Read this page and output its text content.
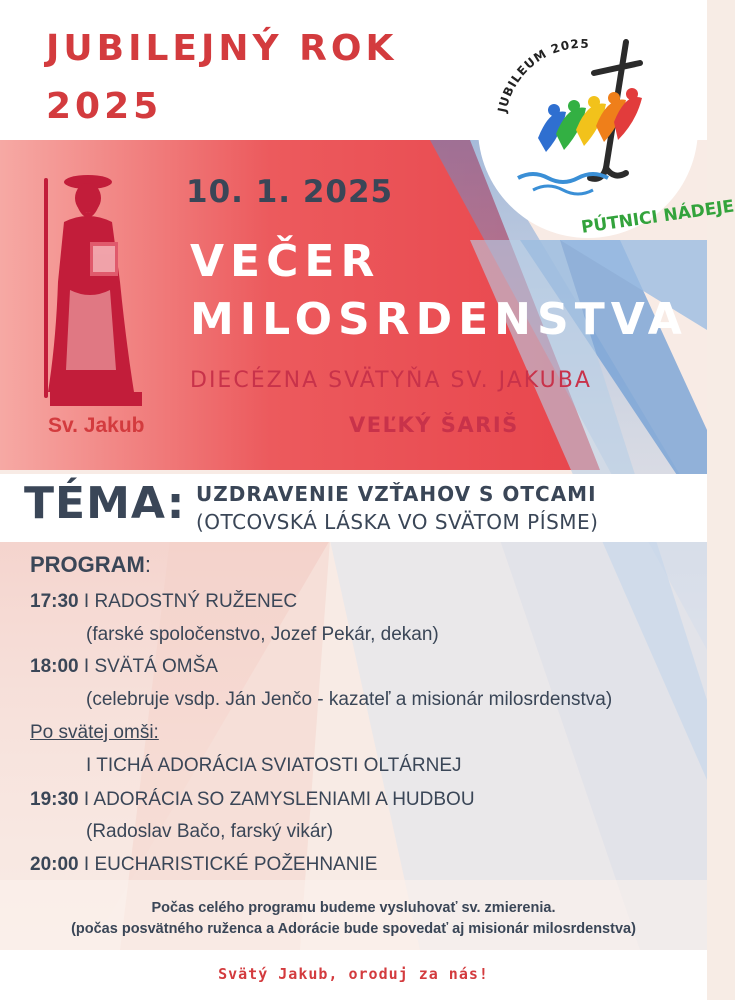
JUBILEJNÝ ROK
2025	JUBILEUM 2025
PÚTNICI NÁDEJE
Sv. Jakub
10. 1. 2025
VEČER
MILOSRDENSTVA
DIECÉZNA SVÄTYŇA SV. JAKUBA
VEĽKÝ ŠARIŠ
TÉMA: UZDRAVENIE VZŤAHOV S OTCAMI
(OTCOVSKÁ LÁSKA VO SVÄTOM PÍSME)
PROGRAM:
17:30 I RADOSTNÝ RUŽENEC
(farské spoločenstvo, Jozef Pekár, dekan)
18:00 I SVÄTÁ OMŠA
(celebruje vsdp. Ján Jenčo - kazateľ a misionár milosrdenstva)
Po svätej omši:
I TICHÁ ADORÁCIA SVIATOSTI OLTÁRNEJ
19:30 I ADORÁCIA SO ZAMYSLENIAMI A HUDBOU
(Radoslav Bačo, farský vikár)
20:00 I EUCHARISTICKÉ POŽEHNANIE
Počas celého programu budeme vysluhovať sv. zmierenia.
(počas posvätného ruženca a Adorácie bude spovedať aj misionár milosrdenstva)
Svätý Jakub, oroduj za nás!
